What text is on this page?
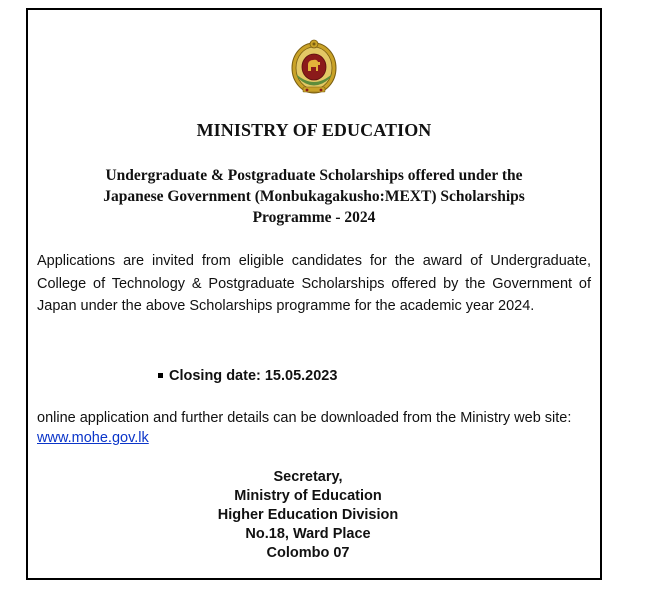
MINISTRY OF EDUCATION
Undergraduate & Postgraduate Scholarships offered under the
Japanese Government (Monbukagakusho:MEXT) Scholarships
Programme - 2024
Applications are invited from eligible candidates for the award of Undergraduate, College of Technology & Postgraduate Scholarships offered by the Government of Japan under the above Scholarships programme for the academic year 2024.
Closing date: 15.05.2023
online application and further details can be downloaded from the Ministry web site: www.mohe.gov.lk
Secretary,
Ministry of Education
Higher Education Division
No.18, Ward Place
Colombo 07
